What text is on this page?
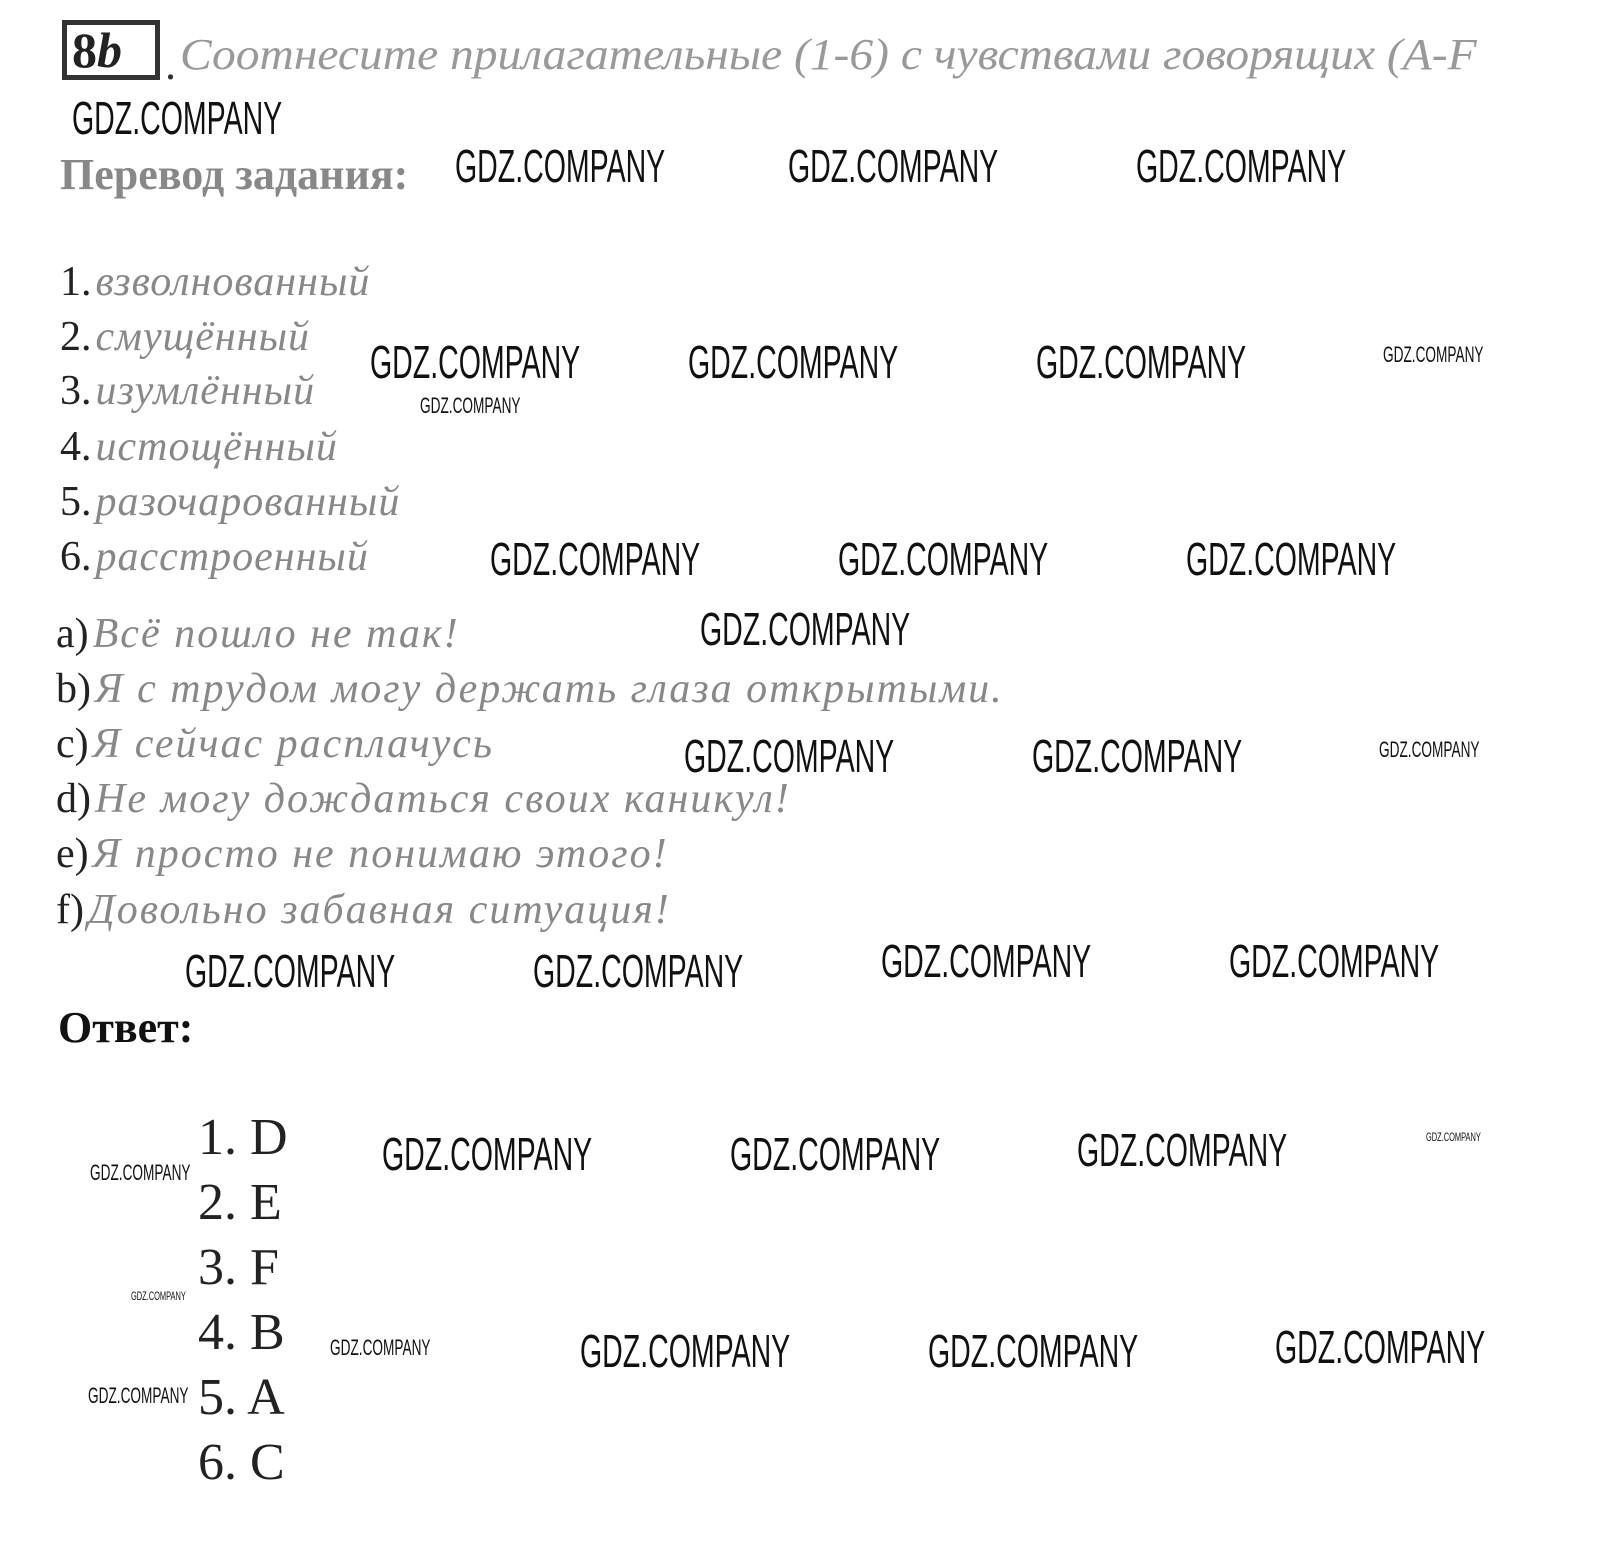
8b . Соотнесите прилагательные (1-6) с чувствами говорящих (A-F
Перевод задания:
1. взволнованный
2. смущённый
3. изумлённый
4. истощённый
5. разочарованный
6. расстроенный
a) Всё пошло не так!
b) Я с трудом могу держать глаза открытыми.
c) Я сейчас расплачусь
d) Не могу дождаться своих каникул!
e) Я просто не понимаю этого!
f) Довольно забавная ситуация!
Ответ:
1. D
2. E
3. F
4. B
5. A
6. C
GDZ.COMPANY
GDZ.COMPANY	GDZ.COMPANY	GDZ.COMPANY
GDZ.COMPANY GDZ.COMPANY	GDZ.COMPANY	GDZ.COMPANY
GDZ.COMPANY
GDZ.COMPANY	GDZ.COMPANY	GDZ.COMPANY
GDZ.COMPANY
GDZ.COMPANY	GDZ.COMPANY	GDZ.COMPANY
GDZ.COMPANY	GDZ.COMPANY	GDZ.COMPANY	GDZ.COMPANY
GDZ.COMPANY	GDZ.COMPANY	GDZ.COMPANY	GDZ.COMPANY
GDZ.COMPANY
GDZ.COMPANY
GDZ.COMPANY	GDZ.COMPANY	GDZ.COMPANY	GDZ.COMPANY
GDZ.COMPANY
